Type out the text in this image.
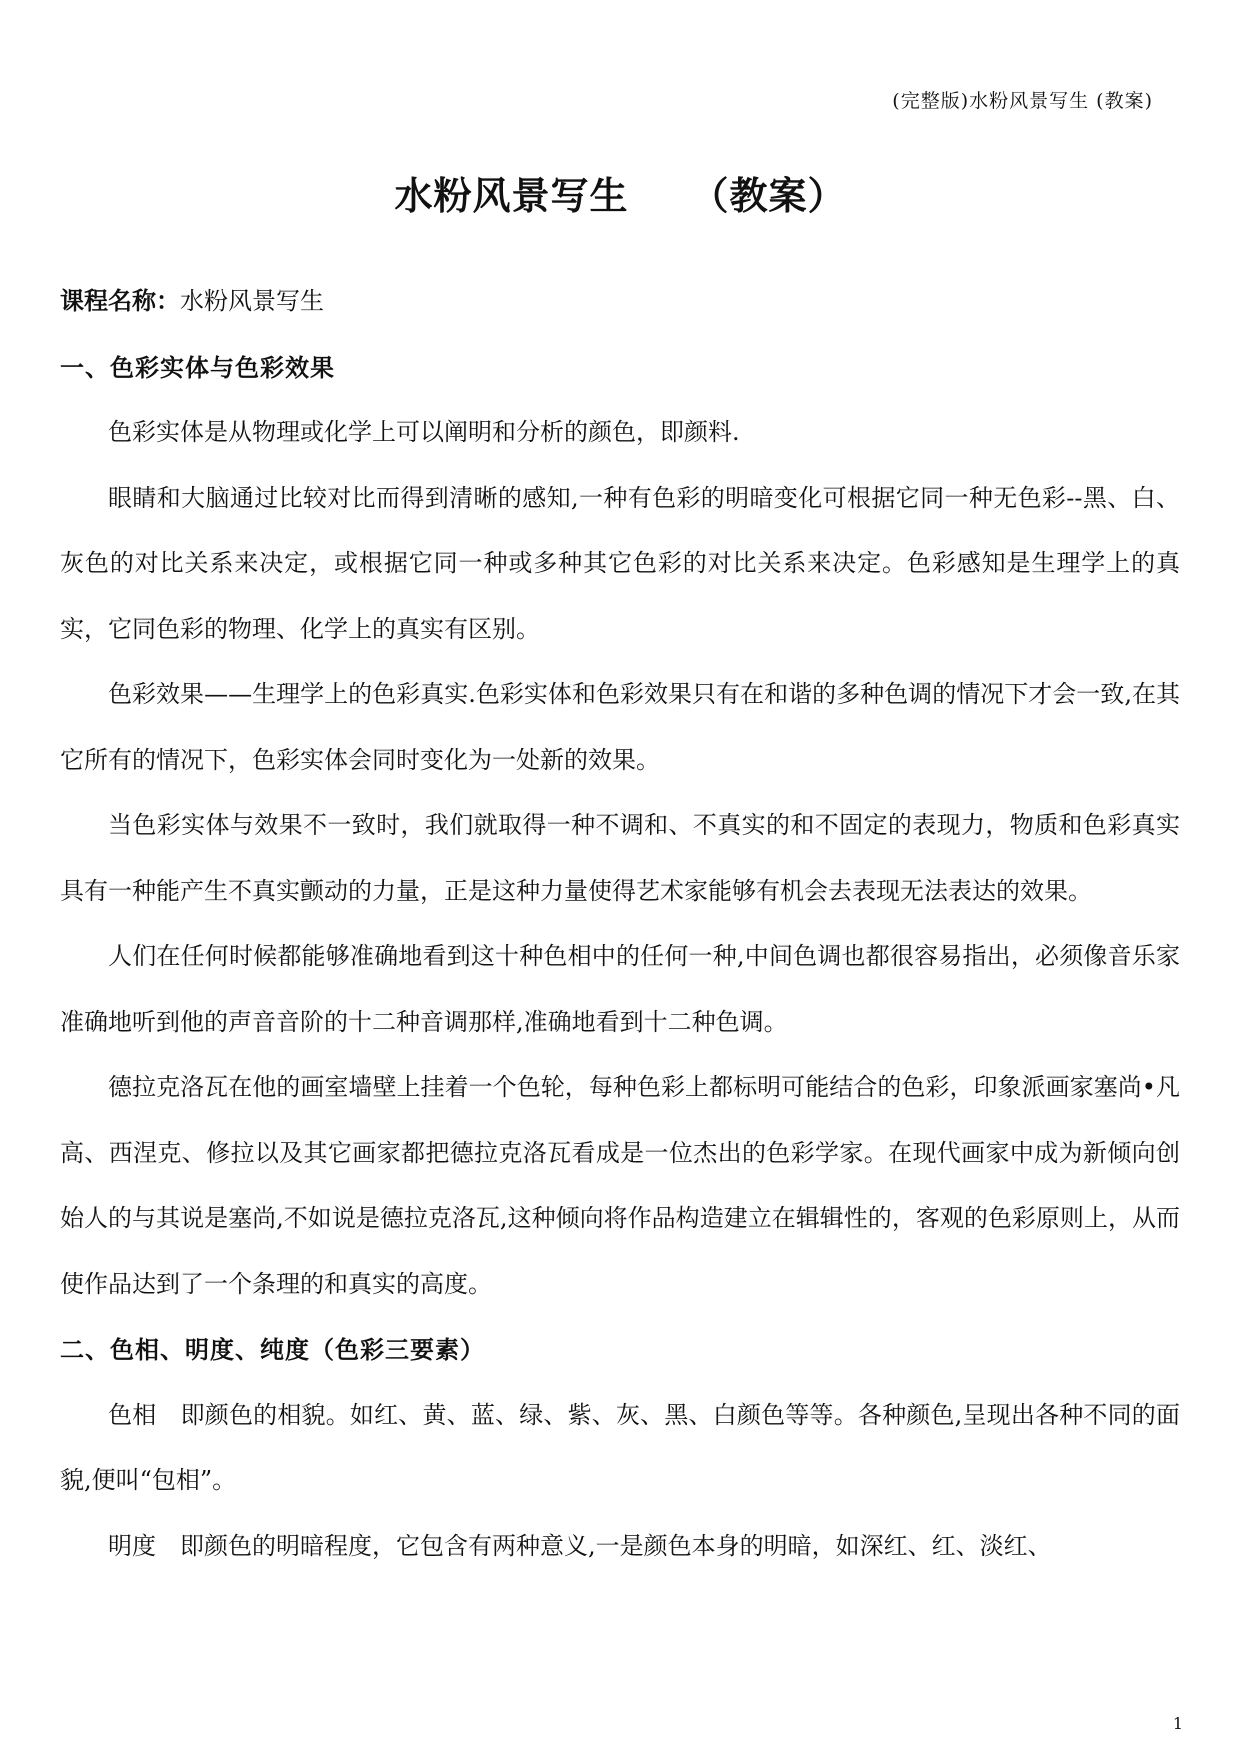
(完整版)水粉风景写生 (教案)
水粉风景写生 （教案）

课程名称：水粉风景写生

一、色彩实体与色彩效果

色彩实体是从物理或化学上可以阐明和分析的颜色，即颜料.

眼睛和大脑通过比较对比而得到清晰的感知,一种有色彩的明暗变化可根据它同一种无色彩--黑、白、灰色的对比关系来决定，或根据它同一种或多种其它色彩的对比关系来决定。色彩感知是生理学上的真实，它同色彩的物理、化学上的真实有区别。

色彩效果——生理学上的色彩真实.色彩实体和色彩效果只有在和谐的多种色调的情况下才会一致,在其它所有的情况下，色彩实体会同时变化为一处新的效果。

当色彩实体与效果不一致时，我们就取得一种不调和、不真实的和不固定的表现力，物质和色彩真实具有一种能产生不真实颤动的力量，正是这种力量使得艺术家能够有机会去表现无法表达的效果。

人们在任何时候都能够准确地看到这十种色相中的任何一种,中间色调也都很容易指出，必须像音乐家准确地听到他的声音音阶的十二种音调那样,准确地看到十二种色调。

德拉克洛瓦在他的画室墙壁上挂着一个色轮，每种色彩上都标明可能结合的色彩，印象派画家塞尚•凡高、西涅克、修拉以及其它画家都把德拉克洛瓦看成是一位杰出的色彩学家。在现代画家中成为新倾向创始人的与其说是塞尚,不如说是德拉克洛瓦,这种倾向将作品构造建立在辑辑性的，客观的色彩原则上，从而使作品达到了一个条理的和真实的高度。

二、色相、明度、纯度（色彩三要素）

色相　即颜色的相貌。如红、黄、蓝、绿、紫、灰、黑、白颜色等等。各种颜色,呈现出各种不同的面貌,便叫“包相”。

明度　即颜色的明暗程度，它包含有两种意义,一是颜色本身的明暗，如深红、红、淡红、

1
